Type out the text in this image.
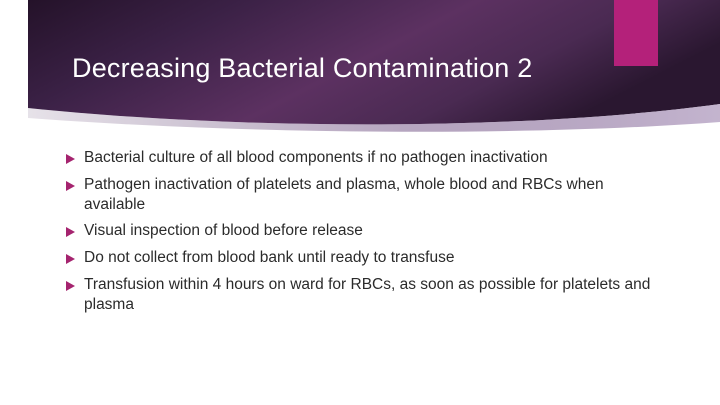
Decreasing Bacterial Contamination 2
Bacterial culture of all blood components if no pathogen inactivation
Pathogen inactivation of platelets and plasma, whole blood and RBCs when available
Visual inspection of blood before release
Do not collect from blood bank until ready to transfuse
Transfusion within 4 hours on ward for RBCs, as soon as possible for platelets and plasma
